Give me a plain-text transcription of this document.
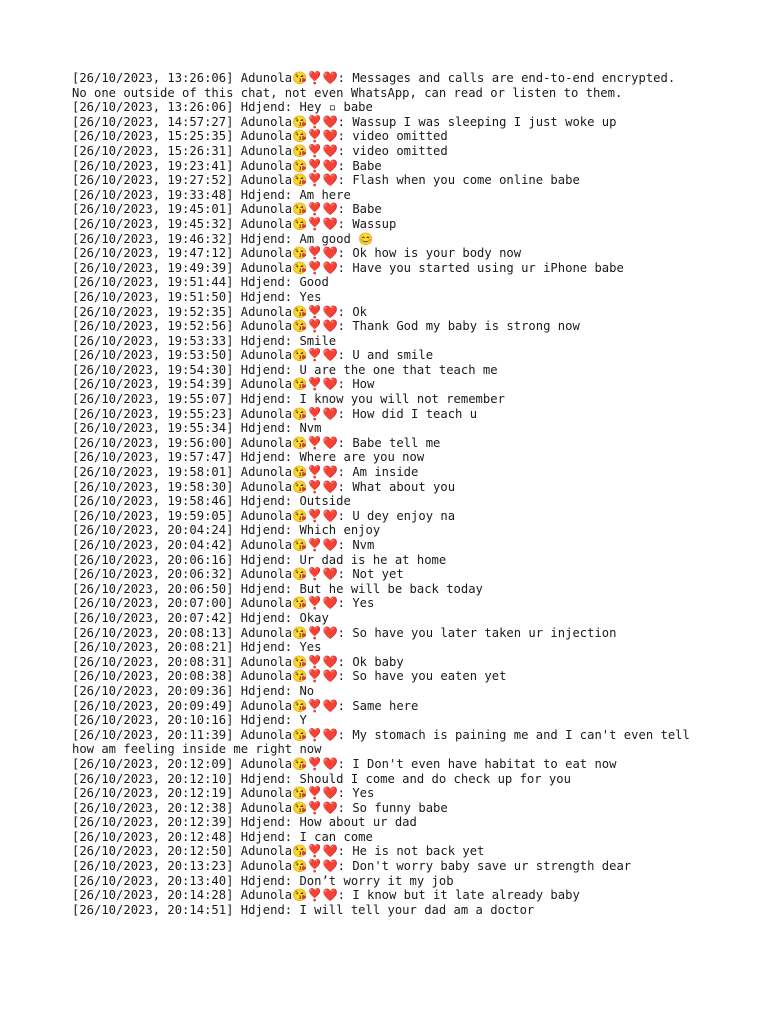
[26/10/2023, 13:26:06] Adunola😘❣️❤️: Messages and calls are end-to-end encrypted.
No one outside of this chat, not even WhatsApp, can read or listen to them.
[26/10/2023, 13:26:06] Hdjend: Hey ▫ babe
[26/10/2023, 14:57:27] Adunola😘❣️❤️: Wassup I was sleeping I just woke up
[26/10/2023, 15:25:35] Adunola😘❣️❤️: video omitted
[26/10/2023, 15:26:31] Adunola😘❣️❤️: video omitted
[26/10/2023, 19:23:41] Adunola😘❣️❤️: Babe
[26/10/2023, 19:27:52] Adunola😘❣️❤️: Flash when you come online babe
[26/10/2023, 19:33:48] Hdjend: Am here
[26/10/2023, 19:45:01] Adunola😘❣️❤️: Babe
[26/10/2023, 19:45:32] Adunola😘❣️❤️: Wassup
[26/10/2023, 19:46:32] Hdjend: Am good 😊
[26/10/2023, 19:47:12] Adunola😘❣️❤️: Ok how is your body now
[26/10/2023, 19:49:39] Adunola😘❣️❤️: Have you started using ur iPhone babe
[26/10/2023, 19:51:44] Hdjend: Good
[26/10/2023, 19:51:50] Hdjend: Yes
[26/10/2023, 19:52:35] Adunola😘❣️❤️: Ok
[26/10/2023, 19:52:56] Adunola😘❣️❤️: Thank God my baby is strong now
[26/10/2023, 19:53:33] Hdjend: Smile
[26/10/2023, 19:53:50] Adunola😘❣️❤️: U and smile
[26/10/2023, 19:54:30] Hdjend: U are the one that teach me
[26/10/2023, 19:54:39] Adunola😘❣️❤️: How
[26/10/2023, 19:55:07] Hdjend: I know you will not remember
[26/10/2023, 19:55:23] Adunola😘❣️❤️: How did I teach u
[26/10/2023, 19:55:34] Hdjend: Nvm
[26/10/2023, 19:56:00] Adunola😘❣️❤️: Babe tell me
[26/10/2023, 19:57:47] Hdjend: Where are you now
[26/10/2023, 19:58:01] Adunola😘❣️❤️: Am inside
[26/10/2023, 19:58:30] Adunola😘❣️❤️: What about you
[26/10/2023, 19:58:46] Hdjend: Outside
[26/10/2023, 19:59:05] Adunola😘❣️❤️: U dey enjoy na
[26/10/2023, 20:04:24] Hdjend: Which enjoy
[26/10/2023, 20:04:42] Adunola😘❣️❤️: Nvm
[26/10/2023, 20:06:16] Hdjend: Ur dad is he at home
[26/10/2023, 20:06:32] Adunola😘❣️❤️: Not yet
[26/10/2023, 20:06:50] Hdjend: But he will be back today
[26/10/2023, 20:07:00] Adunola😘❣️❤️: Yes
[26/10/2023, 20:07:42] Hdjend: Okay
[26/10/2023, 20:08:13] Adunola😘❣️❤️: So have you later taken ur injection
[26/10/2023, 20:08:21] Hdjend: Yes
[26/10/2023, 20:08:31] Adunola😘❣️❤️: Ok baby
[26/10/2023, 20:08:38] Adunola😘❣️❤️: So have you eaten yet
[26/10/2023, 20:09:36] Hdjend: No
[26/10/2023, 20:09:49] Adunola😘❣️❤️: Same here
[26/10/2023, 20:10:16] Hdjend: Y
[26/10/2023, 20:11:39] Adunola😘❣️❤️: My stomach is paining me and I can't even tell
how am feeling inside me right now
[26/10/2023, 20:12:09] Adunola😘❣️❤️: I Don't even have habitat to eat now
[26/10/2023, 20:12:10] Hdjend: Should I come and do check up for you
[26/10/2023, 20:12:19] Adunola😘❣️❤️: Yes
[26/10/2023, 20:12:38] Adunola😘❣️❤️: So funny babe
[26/10/2023, 20:12:39] Hdjend: How about ur dad
[26/10/2023, 20:12:48] Hdjend: I can come
[26/10/2023, 20:12:50] Adunola😘❣️❤️: He is not back yet
[26/10/2023, 20:13:23] Adunola😘❣️❤️: Don't worry baby save ur strength dear
[26/10/2023, 20:13:40] Hdjend: Don’t worry it my job
[26/10/2023, 20:14:28] Adunola😘❣️❤️: I know but it late already baby
[26/10/2023, 20:14:51] Hdjend: I will tell your dad am a doctor
